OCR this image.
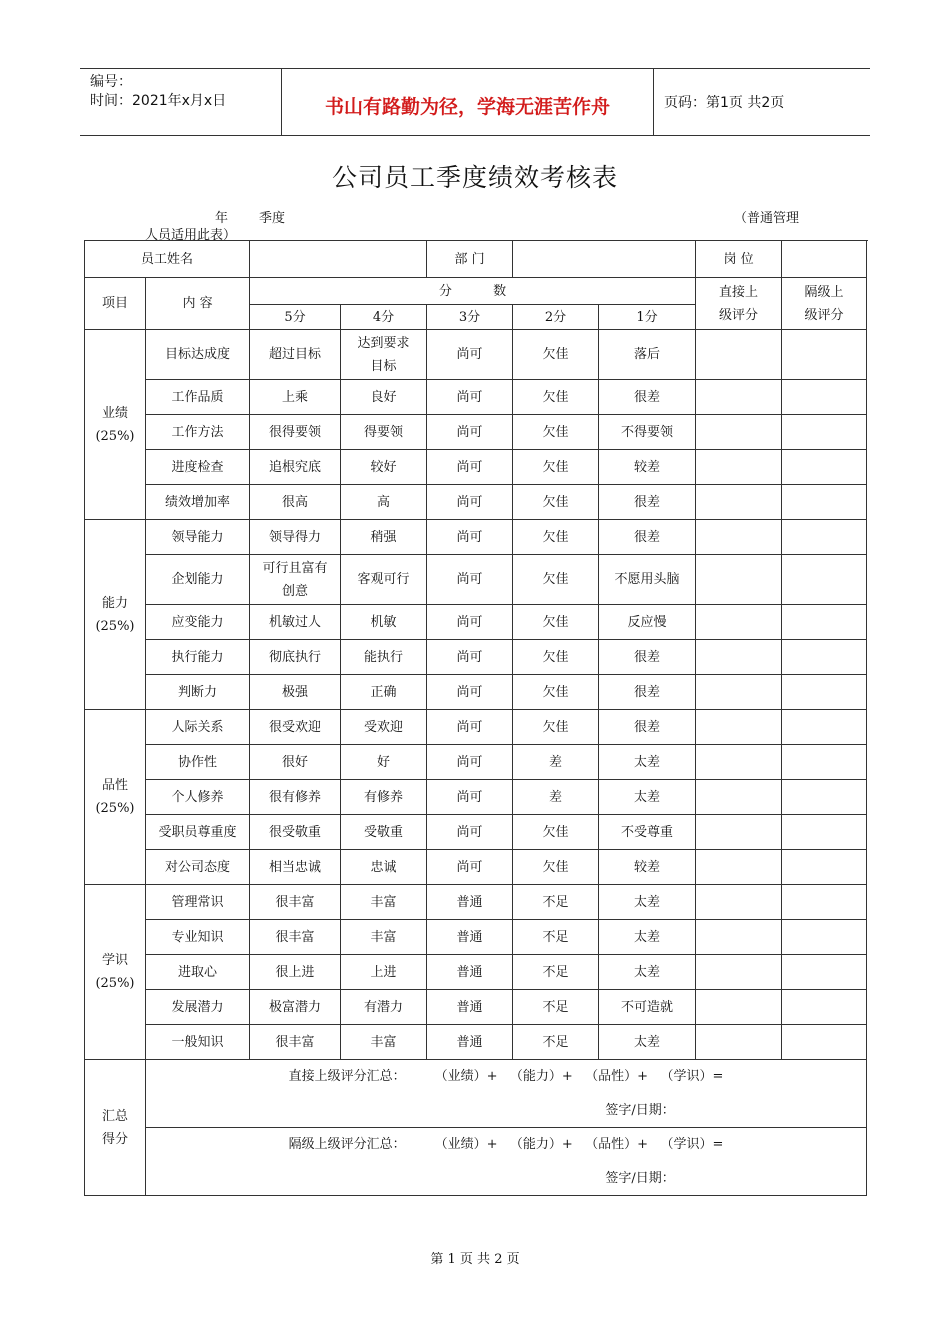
编号：
时间：2021年x月x日	书山有路勤为径，学海无涯苦作舟	页码：第1页 共2页
公司员工季度绩效考核表
年 季度	（普通管理
人员适用此表）
员工姓名				部 门			岗 位	
项目	内 容	分          数					直接上级评分	隔级上级评分
		5分	4分	3分	2分	1分		

业绩
(25%)	目标达成度	超过目标	达到要求目标	尚可	欠佳	落后		
	工作品质	上乘	良好	尚可	欠佳	很差		
	工作方法	很得要领	得要领	尚可	欠佳	不得要领		
	进度检查	追根究底	较好	尚可	欠佳	较差		
	绩效增加率	很高	高	尚可	欠佳	很差		

能力
(25%)	领导能力	领导得力	稍强	尚可	欠佳	很差		
	企划能力	可行且富有创意	客观可行	尚可	欠佳	不愿用头脑		
	应变能力	机敏过人	机敏	尚可	欠佳	反应慢		
	执行能力	彻底执行	能执行	尚可	欠佳	很差		
	判断力	极强	正确	尚可	欠佳	很差		

品性
(25%)	人际关系	很受欢迎	受欢迎	尚可	欠佳	很差		
	协作性	很好	好	尚可	差	太差		
	个人修养	很有修养	有修养	尚可	差	太差		
	受职员尊重度	很受敬重	受敬重	尚可	欠佳	不受尊重		
	对公司态度	相当忠诚	忠诚	尚可	欠佳	较差		

学识
(25%)	管理常识	很丰富	丰富	普通	不足	太差		
	专业知识	很丰富	丰富	普通	不足	太差		
	进取心	很上进	上进	普通	不足	太差		
	发展潜力	极富潜力	有潜力	普通	不足	不可造就		
	一般知识	很丰富	丰富	普通	不足	太差		

汇总
得分	直接上级评分汇总：       （业绩）+   （能力）+   （品性）+   （学识）=							
	签字/日期：							
	隔级上级评分汇总：       （业绩）+   （能力）+   （品性）+   （学识）=							
	签字/日期：							
第 1 页 共 2 页
